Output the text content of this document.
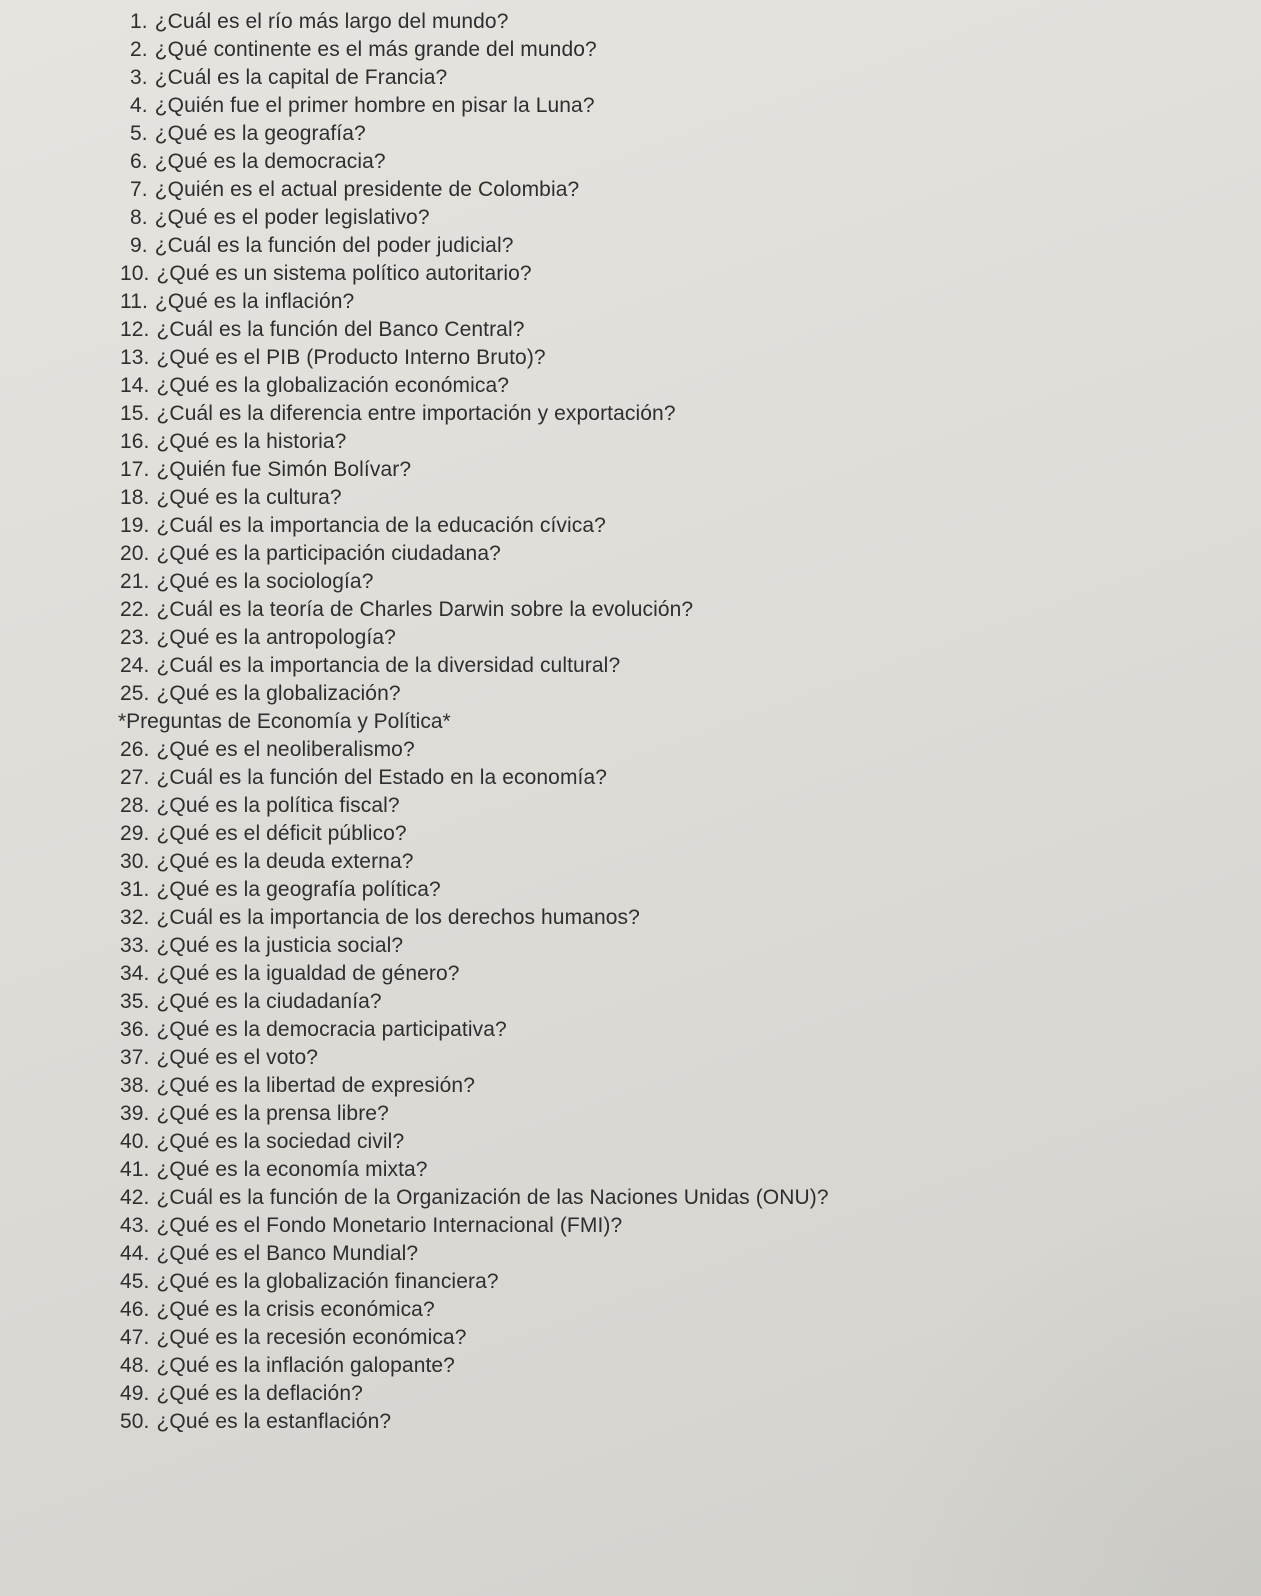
1. ¿Cuál es el río más largo del mundo?
2. ¿Qué continente es el más grande del mundo?
3. ¿Cuál es la capital de Francia?
4. ¿Quién fue el primer hombre en pisar la Luna?
5. ¿Qué es la geografía?
6. ¿Qué es la democracia?
7. ¿Quién es el actual presidente de Colombia?
8. ¿Qué es el poder legislativo?
9. ¿Cuál es la función del poder judicial?
10. ¿Qué es un sistema político autoritario?
11. ¿Qué es la inflación?
12. ¿Cuál es la función del Banco Central?
13. ¿Qué es el PIB (Producto Interno Bruto)?
14. ¿Qué es la globalización económica?
15. ¿Cuál es la diferencia entre importación y exportación?
16. ¿Qué es la historia?
17. ¿Quién fue Simón Bolívar?
18. ¿Qué es la cultura?
19. ¿Cuál es la importancia de la educación cívica?
20. ¿Qué es la participación ciudadana?
21. ¿Qué es la sociología?
22. ¿Cuál es la teoría de Charles Darwin sobre la evolución?
23. ¿Qué es la antropología?
24. ¿Cuál es la importancia de la diversidad cultural?
25. ¿Qué es la globalización?
*Preguntas de Economía y Política*
26. ¿Qué es el neoliberalismo?
27. ¿Cuál es la función del Estado en la economía?
28. ¿Qué es la política fiscal?
29. ¿Qué es el déficit público?
30. ¿Qué es la deuda externa?
31. ¿Qué es la geografía política?
32. ¿Cuál es la importancia de los derechos humanos?
33. ¿Qué es la justicia social?
34. ¿Qué es la igualdad de género?
35. ¿Qué es la ciudadanía?
36. ¿Qué es la democracia participativa?
37. ¿Qué es el voto?
38. ¿Qué es la libertad de expresión?
39. ¿Qué es la prensa libre?
40. ¿Qué es la sociedad civil?
41. ¿Qué es la economía mixta?
42. ¿Cuál es la función de la Organización de las Naciones Unidas (ONU)?
43. ¿Qué es el Fondo Monetario Internacional (FMI)?
44. ¿Qué es el Banco Mundial?
45. ¿Qué es la globalización financiera?
46. ¿Qué es la crisis económica?
47. ¿Qué es la recesión económica?
48. ¿Qué es la inflación galopante?
49. ¿Qué es la deflación?
50. ¿Qué es la estanflación?
